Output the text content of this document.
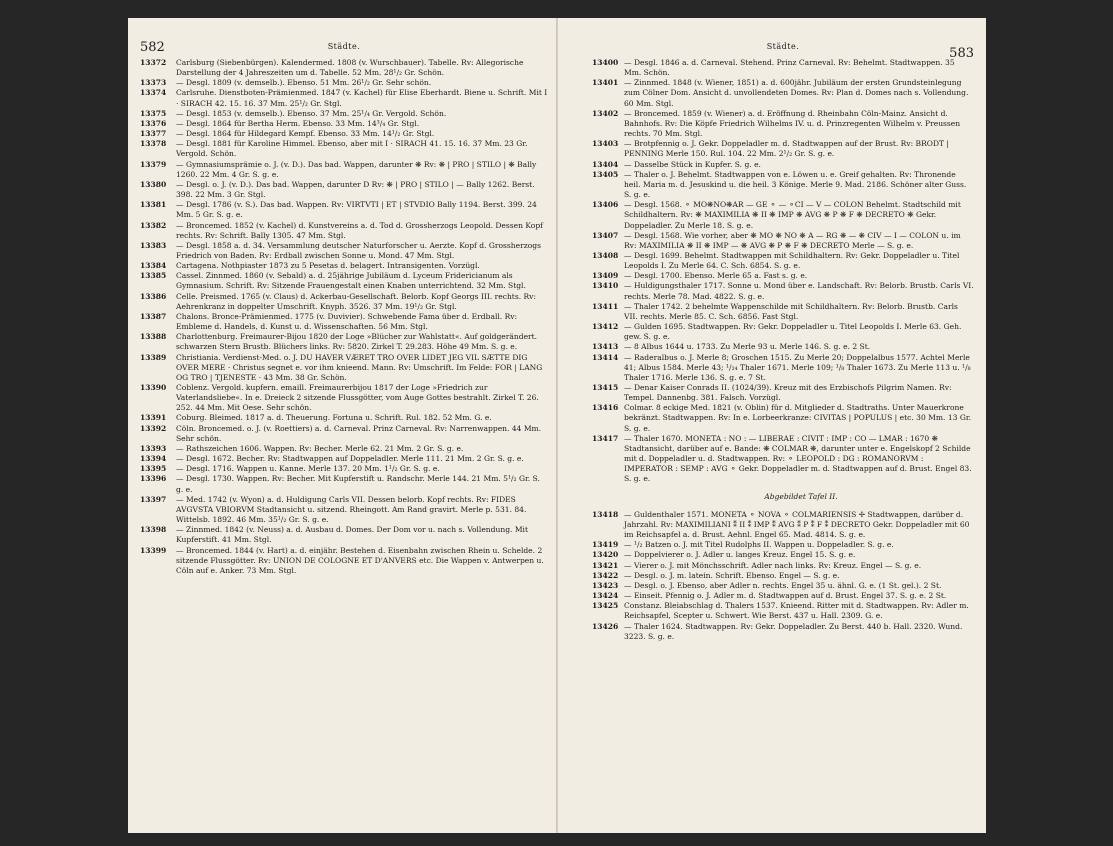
582	Städte.

13372 Carlsburg (Siebenbürgen). Kalendermed. 1808 (v. Wurschbauer). Tabelle. Rv: Allegorische Darstellung der 4 Jahreszeiten um d. Tabelle. 52 Mm. 28¹/₂ Gr. Schön.

13373 — Desgl. 1809 (v. demselb.). Ebenso. 51 Mm. 26¹/₂ Gr. Sehr schön.

13374 Carlsruhe. Dienstboten-Prämienmed. 1847 (v. Kachel) für Elise Eberhardt. Biene u. Schrift. Mit I · SIRACH 42. 15. 16. 37 Mm. 25¹/₂ Gr. Stgl.

13375 — Desgl. 1853 (v. demselb.). Ebenso. 37 Mm. 25¹/₄ Gr. Vergold. Schön.

13376 — Desgl. 1864 für Bertha Herm. Ebenso. 33 Mm. 14³/₄ Gr. Stgl.

13377 — Desgl. 1864 für Hildegard Kempf. Ebenso. 33 Mm. 14¹/₂ Gr. Stgl.

13378 — Desgl. 1881 für Karoline Himmel. Ebenso, aber mit I · SIRACH 41. 15. 16. 37 Mm. 23 Gr. Vergold. Schön.

13379 — Gymnasiumsprämie o. J. (v. D.). Das bad. Wappen, darunter ❋ Rv: ❋ | PRO | STILO | ❋ Bally 1260. 22 Mm. 4 Gr. S. g. e.

13380 — Desgl. o. J. (v. D.). Das bad. Wappen, darunter D Rv: ❋ | PRO | STILO | — Bally 1262. Berst. 398. 22 Mm. 3 Gr. Stgl.

13381 — Desgl. 1786 (v. S.). Das bad. Wappen. Rv: VIRTVTI | ET | STVDIO Bally 1194. Berst. 399. 24 Mm. 5 Gr. S. g. e.

13382 — Broncemed. 1852 (v. Kachel) d. Kunstvereins a. d. Tod d. Grossherzogs Leopold. Dessen Kopf rechts. Rv: Schrift. Bally 1305. 47 Mm. Stgl.

13383 — Desgl. 1858 a. d. 34. Versammlung deutscher Naturforscher u. Aerzte. Kopf d. Grossherzogs Friedrich von Baden. Rv: Erdball zwischen Sonne u. Mond. 47 Mm. Stgl.

13384 Cartagena. Nothpiaster 1873 zu 5 Pesetas d. belagert. Intransigenten. Vorzügl.

13385 Cassel. Zinnmed. 1860 (v. Sebald) a. d. 25jährige Jubiläum d. Lyceum Fridericianum als Gymnasium. Schrift. Rv: Sitzende Frauengestalt einen Knaben unterrichtend. 32 Mm. Stgl.

13386 Celle. Preismed. 1765 (v. Claus) d. Ackerbau-Gesellschaft. Belorb. Kopf Georgs III. rechts. Rv: Aehrenkranz in doppelter Umschrift. Knyph. 3526. 37 Mm. 19¹/₂ Gr. Stgl.

13387 Chalons. Bronce-Prämienmed. 1775 (v. Duvivier). Schwebende Fama über d. Erdball. Rv: Embleme d. Handels, d. Kunst u. d. Wissenschaften. 56 Mm. Stgl.

13388 Charlottenburg. Freimaurer-Bijou 1820 der Loge »Blücher zur Wahlstatt«. Auf goldgerändert. schwarzen Stern Brustb. Blüchers links. Rv: 5820. Zirkel T. 29.283. Höhe 49 Mm. S. g. e.

13389 Christiania. Verdienst-Med. o. J. DU HAVER VÆRET TRO OVER LIDET JEG VIL SÆTTE DIG OVER MERE · Christus segnet e. vor ihm knieend. Mann. Rv: Umschrift. Im Felde: FOR | LANG OG TRO | TJENESTE · 43 Mm. 38 Gr. Schön.

13390 Coblenz. Vergold. kupfern. emaill. Freimaurerbijou 1817 der Loge »Friedrich zur Vaterlandsliebe«. In e. Dreieck 2 sitzende Flussgötter, vom Auge Gottes bestrahlt. Zirkel T. 26. 252. 44 Mm. Mit Oese. Sehr schön.

13391 Coburg. Bleimed. 1817 a. d. Theuerung. Fortuna u. Schrift. Rul. 182. 52 Mm. G. e.

13392 Cöln. Broncemed. o. J. (v. Roettiers) a. d. Carneval. Prinz Carneval. Rv: Narrenwappen. 44 Mm. Sehr schön.

13393 — Rathszeichen 1606. Wappen. Rv: Becher. Merle 62. 21 Mm. 2 Gr. S. g. e.

13394 — Desgl. 1672. Becher. Rv: Stadtwappen auf Doppeladler. Merle 111. 21 Mm. 2 Gr. S. g. e.

13395 — Desgl. 1716. Wappen u. Kanne. Merle 137. 20 Mm. 1¹/₂ Gr. S. g. e.

13396 — Desgl. 1730. Wappen. Rv: Becher. Mit Kupferstift u. Randschr. Merle 144. 21 Mm. 5¹/₂ Gr. S. g. e.

13397 — Med. 1742 (v. Wyon) a. d. Huldigung Carls VII. Dessen belorb. Kopf rechts. Rv: FIDES AVGVSTA VBIORVM Stadtansicht u. sitzend. Rheingott. Am Rand gravirt. Merle p. 531. 84. Wittelsb. 1892. 46 Mm. 35¹/₂ Gr. S. g. e.

13398 — Zinnmed. 1842 (v. Neuss) a. d. Ausbau d. Domes. Der Dom vor u. nach s. Vollendung. Mit Kupferstift. 41 Mm. Stgl.

13399 — Broncemed. 1844 (v. Hart) a. d. einjähr. Bestehen d. Eisenbahn zwischen Rhein u. Schelde. 2 sitzende Flussgötter. Rv: UNION DE COLOGNE ET D'ANVERS etc. Die Wappen v. Antwerpen u. Cöln auf e. Anker. 73 Mm. Stgl.

Städte.	583

13400 — Desgl. 1846 a. d. Carneval. Stehend. Prinz Carneval. Rv: Behelmt. Stadtwappen. 35 Mm. Schön.

13401 — Zinnmed. 1848 (v. Wiener, 1851) a. d. 600jähr. Jubiläum der ersten Grundsteinlegung zum Cölner Dom. Ansicht d. unvollendeten Domes. Rv: Plan d. Domes nach s. Vollendung. 60 Mm. Stgl.

13402 — Broncemed. 1859 (v. Wiener) a. d. Eröffnung d. Rheinbahn Cöln-Mainz. Ansicht d. Bahnhofs. Rv: Die Köpfe Friedrich Wilhelms IV. u. d. Prinzregenten Wilhelm v. Preussen rechts. 70 Mm. Stgl.

13403 — Brotpfennig o. J. Gekr. Doppeladler m. d. Stadtwappen auf der Brust. Rv: BRODT | PENNING Merle 150. Rul. 104. 22 Mm. 2¹/₂ Gr. S. g. e.

13404 — Dasselbe Stück in Kupfer. S. g. e.

13405 — Thaler o. J. Behelmt. Stadtwappen von e. Löwen u. e. Greif gehalten. Rv: Thronende heil. Maria m. d. Jesuskind u. die heil. 3 Könige. Merle 9. Mad. 2186. Schöner alter Guss. S. g. e.

13406 — Desgl. 1568. ⚬ MO❋NO❋AR — GE ⚬ — ⚬CI — V — COLON Behelmt. Stadtschild mit Schildhaltern. Rv: ❋ MAXIMILIA ❋ II ❋ IMP ❋ AVG ❋ P ❋ F ❋ DECRETO ❋ Gekr. Doppeladler. Zu Merle 18. S. g. e.

13407 — Desgl. 1568. Wie vorher, aber ❋ MO ❋ NO ❋ A — RG ❋ — ❋ CIV — I — COLON u. im Rv: MAXIMILIA ❋ II ❋ IMP — ❋ AVG ❋ P ❋ F ❋ DECRETO Merle — S. g. e.

13408 — Desgl. 1699. Behelmt. Stadtwappen mit Schildhaltern. Rv: Gekr. Doppeladler u. Titel Leopolds I. Zu Merle 64. C. Sch. 6854. S. g. e.

13409 — Desgl. 1700. Ebenso. Merle 65 a. Fast s. g. e.

13410 — Huldigungsthaler 1717. Sonne u. Mond über e. Landschaft. Rv: Belorb. Brustb. Carls VI. rechts. Merle 78. Mad. 4822. S. g. e.

13411 — Thaler 1742. 2 behelmte Wappenschilde mit Schildhaltern. Rv: Belorb. Brustb. Carls VII. rechts. Merle 85. C. Sch. 6856. Fast Stgl.

13412 — Gulden 1695. Stadtwappen. Rv: Gekr. Doppeladler u. Titel Leopolds I. Merle 63. Geh. gew. S. g. e.

13413 — 8 Albus 1644 u. 1733. Zu Merle 93 u. Merle 146. S. g. e. 2 St.

13414 — Raderalbus o. J. Merle 8; Groschen 1515. Zu Merle 20; Doppelalbus 1577. Achtel Merle 41; Albus 1584. Merle 43; ¹/₂₄ Thaler 1671. Merle 109; ¹/₈ Thaler 1673. Zu Merle 113 u. ¹/₈ Thaler 1716. Merle 136. S. g. e. 7 St.

13415 — Denar Kaiser Conrads II. (1024/39). Kreuz mit des Erzbischofs Pilgrim Namen. Rv: Tempel. Dannenbg. 381. Falsch. Vorzügl.

13416 Colmar. 8 eckige Med. 1821 (v. Oblin) für d. Mitglieder d. Stadtraths. Unter Mauerkrone bekränzt. Stadtwappen. Rv: In e. Lorbeerkranze: CIVITAS | POPULUS | etc. 30 Mm. 13 Gr. S. g. e.

13417 — Thaler 1670. MONETA : NO : — LIBERAE : CIVIT : IMP : CO — LMAR : 1670 ❋ Stadtansicht, darüber auf e. Bande: ❋ COLMAR ❋, darunter unter e. Engelskopf 2 Schilde mit d. Doppeladler u. d. Stadtwappen. Rv: ⚬ LEOPOLD : DG : ROMANORVM : IMPERATOR : SEMP : AVG ⚬ Gekr. Doppeladler m. d. Stadtwappen auf d. Brust. Engel 83. S. g. e.

Abgebildet Tafel II.

13418 — Guldenthaler 1571. MONETA ⚬ NOVA ⚬ COLMARIENSIS ✢ Stadtwappen, darüber d. Jahrzahl. Rv: MAXIMILIANI ⁑ II ⁑ IMP ⁑ AVG ⁑ P ⁑ F ⁑ DECRETO Gekr. Doppeladler mit 60 im Reichsapfel a. d. Brust. Aehnl. Engel 65. Mad. 4814. S. g. e.

13419 — ¹/₂ Batzen o. J. mit Titel Rudolphs II. Wappen u. Doppeladler. S. g. e.

13420 — Doppelvierer o. J. Adler u. langes Kreuz. Engel 15. S. g. e.

13421 — Vierer o. J. mit Mönchsschrift. Adler nach links. Rv: Kreuz. Engel — S. g. e.

13422 — Desgl. o. J. m. latein. Schrift. Ebenso. Engel — S. g. e.

13423 — Desgl. o. J. Ebenso, aber Adler n. rechts. Engel 35 u. ähnl. G. e. (1 St. gel.). 2 St.

13424 — Einseit. Pfennig o. J. Adler m. d. Stadtwappen auf d. Brust. Engel 37. S. g. e. 2 St.

13425 Constanz. Bleiabschlag d. Thalers 1537. Knieend. Ritter mit d. Stadtwappen. Rv: Adler m. Reichsapfel, Scepter u. Schwert. Wie Berst. 437 u. Hall. 2309. G. e.

13426 — Thaler 1624. Stadtwappen. Rv: Gekr. Doppeladler. Zu Berst. 440 b. Hall. 2320. Wund. 3223. S. g. e.
